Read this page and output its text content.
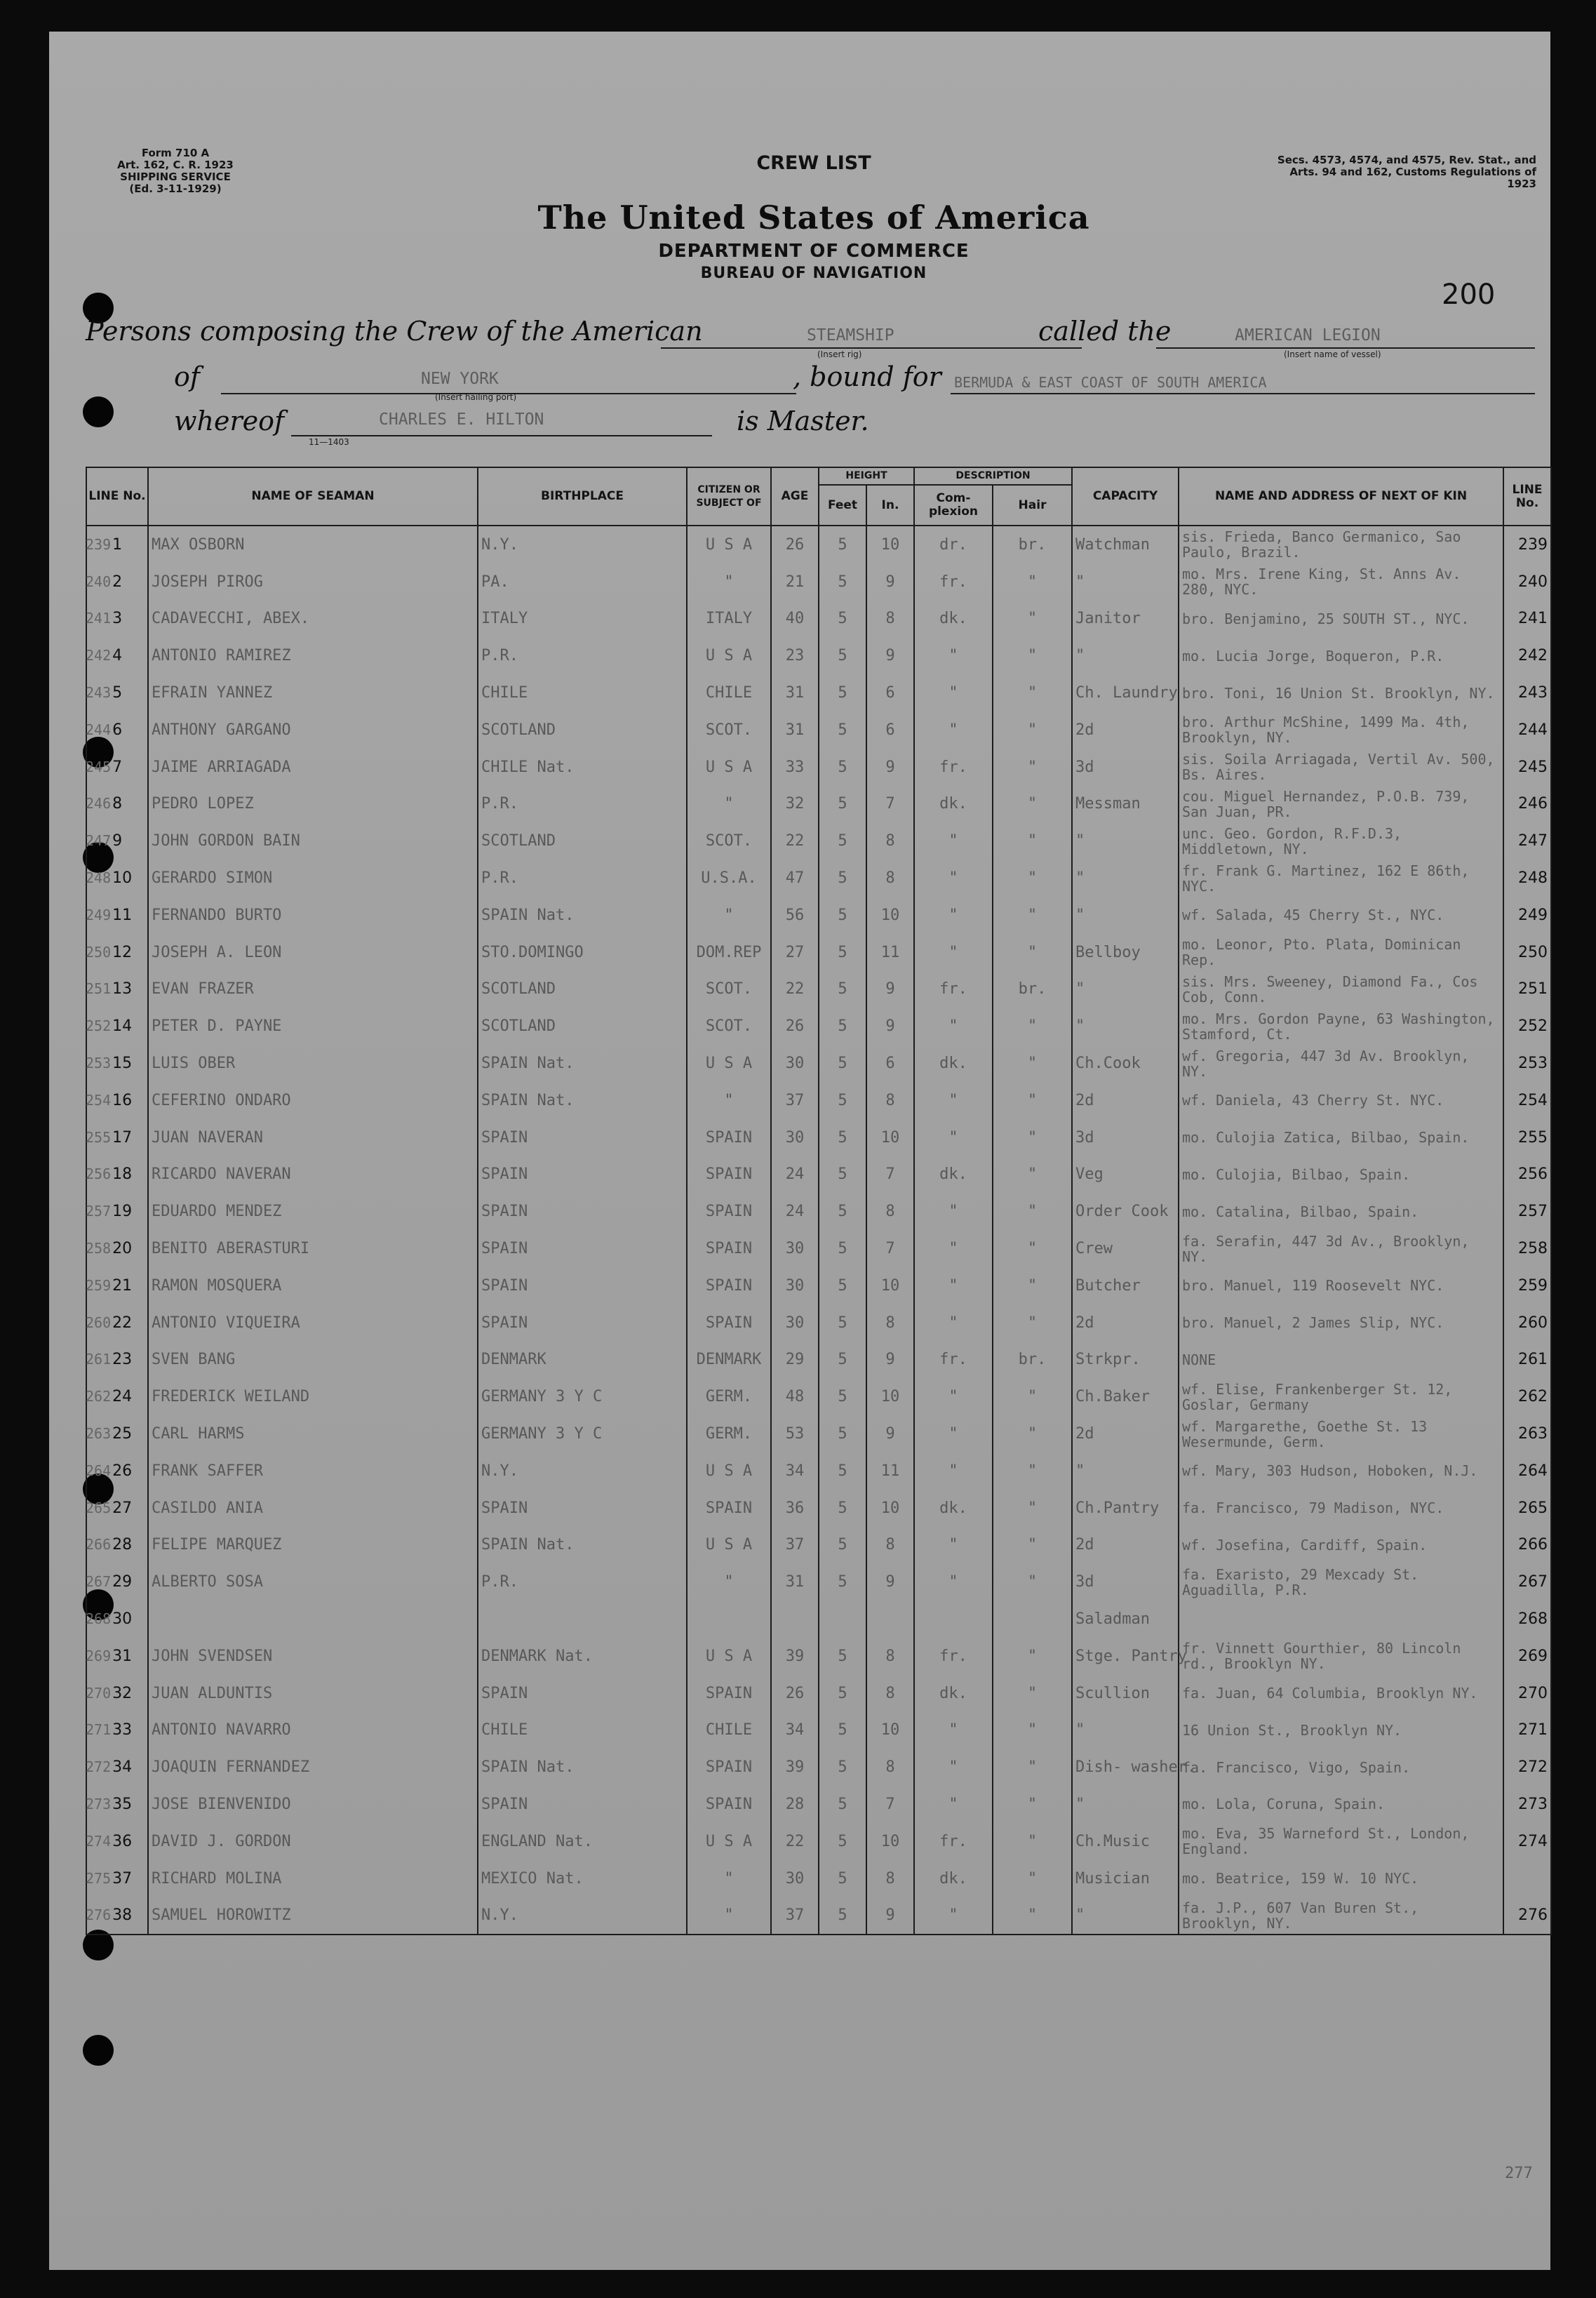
Form 710 A
Art. 162, C. R. 1923
SHIPPING SERVICE
(Ed. 3-11-1929)
Secs. 4573, 4574, and 4575, Rev. Stat., and Arts. 94 and 162, Customs Regulations of 1923
CREW LIST
The United States of America
DEPARTMENT OF COMMERCE
BUREAU OF NAVIGATION
200
Persons composing the Crew of the American	STEAMSHIP
(Insert rig)
called the	AMERICAN LEGION
(Insert name of vessel)
of	NEW YORK
(Insert hailing port)
, bound for BERMUDA & EAST COAST OF SOUTH AMERICA
whereof	CHARLES E. HILTON
11—1403
is Master.
LINE No.	NAME OF SEAMAN	BIRTHPLACE	CITIZEN OR SUBJECT OF	AGE	HEIGHT		DESCRIPTION		CAPACITY	NAME AND ADDRESS OF NEXT OF KIN	LINE No.
					Feet	In.	Com- plexion	Hair			
2391	MAX OSBORN	N.Y.	U S A	26	5	10	dr.	br.	Watchman	sis. Frieda, Banco Germanico, Sao Paulo, Brazil.	239
2402	JOSEPH PIROG	PA.	"	21	5	9	fr.	"	"	mo. Mrs. Irene King, St. Anns Av. 280, NYC.	240
2413	CADAVECCHI, ABEX.	ITALY	ITALY	40	5	8	dk.	"	Janitor	bro. Benjamino, 25 SOUTH ST., NYC.	241
2424	ANTONIO RAMIREZ	P.R.	U S A	23	5	9	"	"	"	mo. Lucia Jorge, Boqueron, P.R.	242
2435	EFRAIN YANNEZ	CHILE	CHILE	31	5	6	"	"	Ch. Laundry	bro. Toni, 16 Union St. Brooklyn, NY.	243
2446	ANTHONY GARGANO	SCOTLAND	SCOT.	31	5	6	"	"	2d	bro. Arthur McShine, 1499 Ma. 4th, Brooklyn, NY.	244
2457	JAIME ARRIAGADA	CHILE Nat.	U S A	33	5	9	fr.	"	3d	sis. Soila Arriagada, Vertil Av. 500, Bs. Aires.	245
2468	PEDRO LOPEZ	P.R.	"	32	5	7	dk.	"	Messman	cou. Miguel Hernandez, P.O.B. 739, San Juan, PR.	246
2479	JOHN GORDON BAIN	SCOTLAND	SCOT.	22	5	8	"	"	"	unc. Geo. Gordon, R.F.D.3, Middletown, NY.	247
24810	GERARDO SIMON	P.R.	U.S.A.	47	5	8	"	"	"	fr. Frank G. Martinez, 162 E 86th, NYC.	248
24911	FERNANDO BURTO	SPAIN Nat.	"	56	5	10	"	"	"	wf. Salada, 45 Cherry St., NYC.	249
25012	JOSEPH A. LEON	STO.DOMINGO	DOM.REP	27	5	11	"	"	Bellboy	mo. Leonor, Pto. Plata, Dominican Rep.	250
25113	EVAN FRAZER	SCOTLAND	SCOT.	22	5	9	fr.	br.	"	sis. Mrs. Sweeney, Diamond Fa., Cos Cob, Conn.	251
25214	PETER D. PAYNE	SCOTLAND	SCOT.	26	5	9	"	"	"	mo. Mrs. Gordon Payne, 63 Washington, Stamford, Ct.	252
25315	LUIS OBER	SPAIN Nat.	U S A	30	5	6	dk.	"	Ch.Cook	wf. Gregoria, 447 3d Av. Brooklyn, NY.	253
25416	CEFERINO ONDARO	SPAIN Nat.	"	37	5	8	"	"	2d	wf. Daniela, 43 Cherry St. NYC.	254
25517	JUAN NAVERAN	SPAIN	SPAIN	30	5	10	"	"	3d	mo. Culojia Zatica, Bilbao, Spain.	255
25618	RICARDO NAVERAN	SPAIN	SPAIN	24	5	7	dk.	"	Veg	mo. Culojia, Bilbao, Spain.	256
25719	EDUARDO MENDEZ	SPAIN	SPAIN	24	5	8	"	"	Order Cook	mo. Catalina, Bilbao, Spain.	257
25820	BENITO ABERASTURI	SPAIN	SPAIN	30	5	7	"	"	Crew	fa. Serafin, 447 3d Av., Brooklyn, NY.	258
25921	RAMON MOSQUERA	SPAIN	SPAIN	30	5	10	"	"	Butcher	bro. Manuel, 119 Roosevelt NYC.	259
26022	ANTONIO VIQUEIRA	SPAIN	SPAIN	30	5	8	"	"	2d	bro. Manuel, 2 James Slip, NYC.	260
26123	SVEN BANG	DENMARK	DENMARK	29	5	9	fr.	br.	Strkpr.	NONE	261
26224	FREDERICK WEILAND	GERMANY 3 Y C	GERM.	48	5	10	"	"	Ch.Baker	wf. Elise, Frankenberger St. 12, Goslar, Germany	262
26325	CARL HARMS	GERMANY 3 Y C	GERM.	53	5	9	"	"	2d	wf. Margarethe, Goethe St. 13 Wesermunde, Germ.	263
26426	FRANK SAFFER	N.Y.	U S A	34	5	11	"	"	"	wf. Mary, 303 Hudson, Hoboken, N.J.	264
26527	CASILDO ANIA	SPAIN	SPAIN	36	5	10	dk.	"	Ch.Pantry	fa. Francisco, 79 Madison, NYC.	265
26628	FELIPE MARQUEZ	SPAIN Nat.	U S A	37	5	8	"	"	2d	wf. Josefina, Cardiff, Spain.	266
26729	ALBERTO SOSA	P.R.	"	31	5	9	"	"	3d	fa. Exaristo, 29 Mexcady St. Aguadilla, P.R.	267
26830									Saladman		268
26931	JOHN SVENDSEN	DENMARK Nat.	U S A	39	5	8	fr.	"	Stge. Pantry	fr. Vinnett Gourthier, 80 Lincoln rd., Brooklyn NY.	269
27032	JUAN ALDUNTIS	SPAIN	SPAIN	26	5	8	dk.	"	Scullion	fa. Juan, 64 Columbia, Brooklyn NY.	270
27133	ANTONIO NAVARRO	CHILE	CHILE	34	5	10	"	"	"	16 Union St., Brooklyn NY.	271
27234	JOAQUIN FERNANDEZ	SPAIN Nat.	SPAIN	39	5	8	"	"	Dish- washer.	fa. Francisco, Vigo, Spain.	272
27335	JOSE BIENVENIDO	SPAIN	SPAIN	28	5	7	"	"	"	mo. Lola, Coruna, Spain.	273
27436	DAVID J. GORDON	ENGLAND Nat.	U S A	22	5	10	fr.	"	Ch.Music	mo. Eva, 35 Warneford St., London, England.	274
27537	RICHARD MOLINA	MEXICO Nat.	"	30	5	8	dk.	"	Musician	mo. Beatrice, 159 W. 10 NYC.	
27638	SAMUEL HOROWITZ	N.Y.	"	37	5	9	"	"	"	fa. J.P., 607 Van Buren St., Brooklyn, NY.	276
277
